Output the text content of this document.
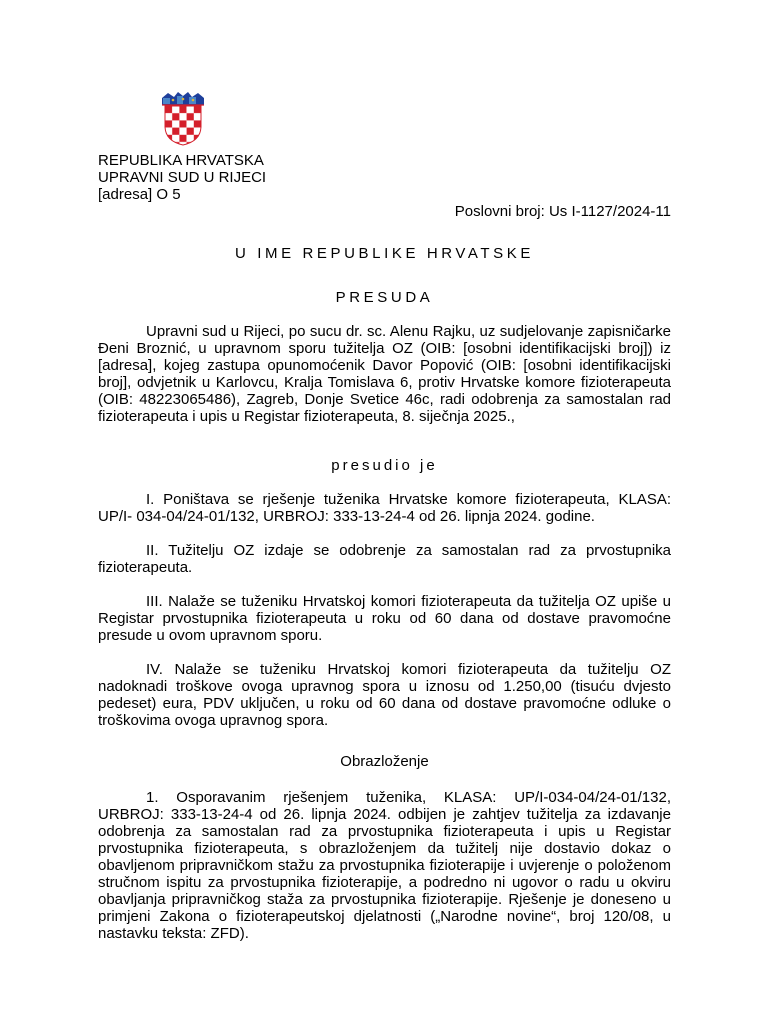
REPUBLIKA HRVATSKA
UPRAVNI SUD U RIJECI
[adresa] O 5
Poslovni broj: Us I-1127/2024-11
U IME REPUBLIKE HRVATSKE
PRESUDA

Upravni sud u Rijeci, po sucu dr. sc. Alenu Rajku, uz sudjelovanje zapisničarke Đeni Broznić, u upravnom sporu tužitelja OZ (OIB: [osobni identifikacijski broj]) iz [adresa], kojeg zastupa opunomoćenik Davor Popović (OIB: [osobni identifikacijski broj], odvjetnik u Karlovcu, Kralja Tomislava 6, protiv Hrvatske komore fizioterapeuta (OIB: 48223065486), Zagreb, Donje Svetice 46c, radi odobrenja za samostalan rad fizioterapeuta i upis u Registar fizioterapeuta, 8. siječnja 2025.,

presudio je

I. Poništava se rješenje tuženika Hrvatske komore fizioterapeuta, KLASA: UP/I- 034-04/24-01/132, URBROJ: 333-13-24-4 od 26. lipnja 2024. godine.

II. Tužitelju OZ izdaje se odobrenje za samostalan rad za prvostupnika fizioterapeuta.

III. Nalaže se tuženiku Hrvatskoj komori fizioterapeuta da tužitelja OZ upiše u Registar prvostupnika fizioterapeuta u roku od 60 dana od dostave pravomoćne presude u ovom upravnom sporu.

IV. Nalaže se tuženiku Hrvatskoj komori fizioterapeuta da tužitelju OZ nadoknadi troškove ovoga upravnog spora u iznosu od 1.250,00 (tisuću dvjesto pedeset) eura, PDV uključen, u roku od 60 dana od dostave pravomoćne odluke o troškovima ovoga upravnog spora.

Obrazloženje

1. Osporavanim rješenjem tuženika, KLASA: UP/I-034-04/24-01/132, URBROJ: 333-13-24-4 od 26. lipnja 2024. odbijen je zahtjev tužitelja za izdavanje odobrenja za samostalan rad za prvostupnika fizioterapeuta i upis u Registar prvostupnika fizioterapeuta, s obrazloženjem da tužitelj nije dostavio dokaz o obavljenom pripravničkom stažu za prvostupnika fizioterapije i uvjerenje o položenom stručnom ispitu za prvostupnika fizioterapije, a podredno ni ugovor o radu u okviru obavljanja pripravničkog staža za prvostupnika fizioterapije. Rješenje je doneseno u primjeni Zakona o fizioterapeutskoj djelatnosti („Narodne novine“, broj 120/08, u nastavku teksta: ZFD).
